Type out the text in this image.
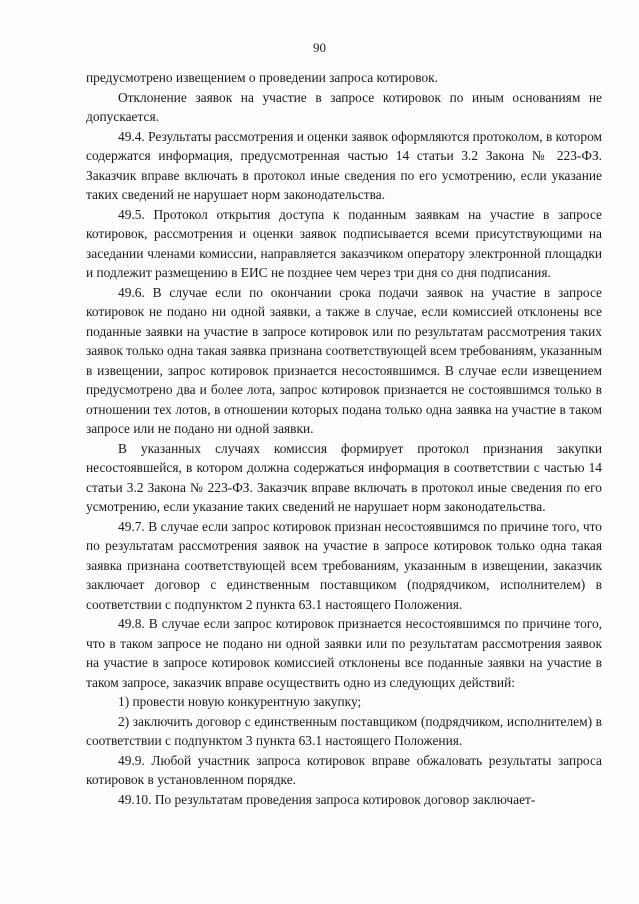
90

предусмотрено извещением о проведении запроса котировок.

Отклонение заявок на участие в запросе котировок по иным основаниям не допускается.

49.4. Результаты рассмотрения и оценки заявок оформляются протоколом, в котором содержатся информация, предусмотренная частью 14 статьи 3.2 Закона № 223-ФЗ. Заказчик вправе включать в протокол иные сведения по его усмотрению, если указание таких сведений не нарушает норм законодательства.

49.5. Протокол открытия доступа к поданным заявкам на участие в запросе котировок, рассмотрения и оценки заявок подписывается всеми присутствующими на заседании членами комиссии, направляется заказчиком оператору электронной площадки и подлежит размещению в ЕИС не позднее чем через три дня со дня подписания.

49.6. В случае если по окончании срока подачи заявок на участие в запросе котировок не подано ни одной заявки, а также в случае, если комиссией отклонены все поданные заявки на участие в запросе котировок или по результатам рассмотрения таких заявок только одна такая заявка признана соответствующей всем требованиям, указанным в извещении, запрос котировок признается несостоявшимся. В случае если извещением предусмотрено два и более лота, запрос котировок признается не состоявшимся только в отношении тех лотов, в отношении которых подана только одна заявка на участие в таком запросе или не подано ни одной заявки.

В указанных случаях комиссия формирует протокол признания закупки несостоявшейся, в котором должна содержаться информация в соответствии с частью 14 статьи 3.2 Закона № 223-ФЗ. Заказчик вправе включать в протокол иные сведения по его усмотрению, если указание таких сведений не нарушает норм законодательства.

49.7. В случае если запрос котировок признан несостоявшимся по причине того, что по результатам рассмотрения заявок на участие в запросе котировок только одна такая заявка признана соответствующей всем требованиям, указанным в извещении, заказчик заключает договор с единственным поставщиком (подрядчиком, исполнителем) в соответствии с подпунктом 2 пункта 63.1 настоящего Положения.

49.8. В случае если запрос котировок признается несостоявшимся по причине того, что в таком запросе не подано ни одной заявки или по результатам рассмотрения заявок на участие в запросе котировок комиссией отклонены все поданные заявки на участие в таком запросе, заказчик вправе осуществить одно из следующих действий:

1) провести новую конкурентную закупку;

2) заключить договор с единственным поставщиком (подрядчиком, исполнителем) в соответствии с подпунктом 3 пункта 63.1 настоящего Положения.

49.9. Любой участник запроса котировок вправе обжаловать результаты запроса котировок в установленном порядке.

49.10. По результатам проведения запроса котировок договор заключает-
